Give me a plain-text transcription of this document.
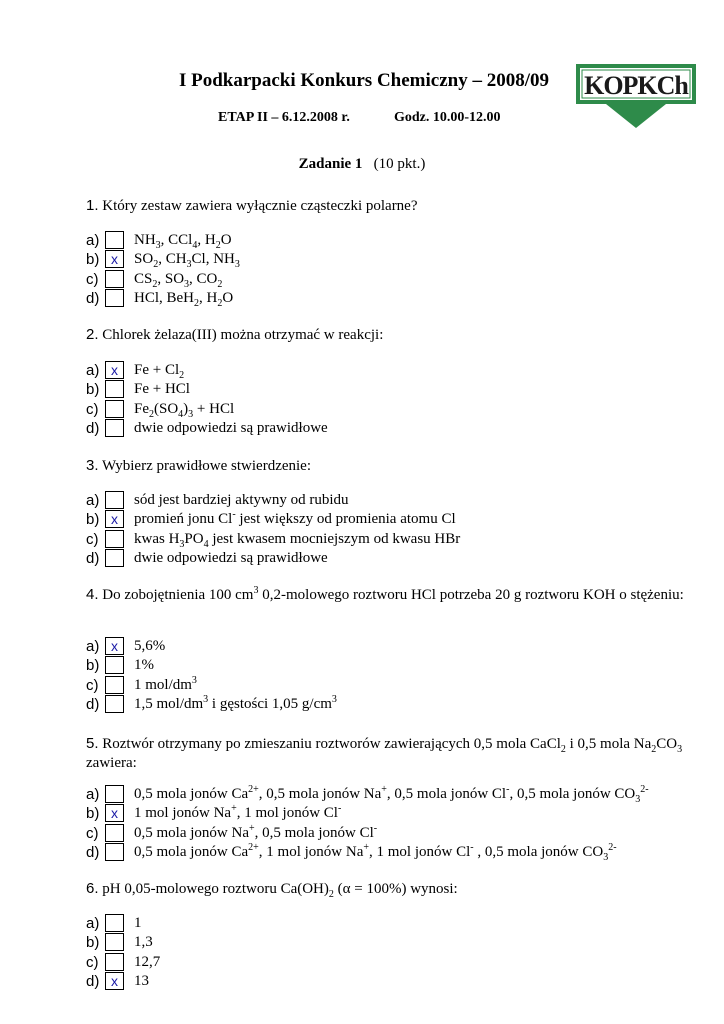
I Podkarpacki Konkurs Chemiczny – 2008/09
ETAP II – 6.12.2008 r.	Godz. 10.00-12.00
KOPKCh
Zadanie 1 (10 pkt.)
1. Który zestaw zawiera wyłącznie cząsteczki polarne?
a)	$NH_3$, CCl$_4$, $H_2O$
b) x	$SO_2$, $CH_3Cl$, $NH_3$
c)	$CS_2$, $SO_3$, $CO_2$
d)	HCl, BeH$_2$, $H_2O$
2. Chlorek żelaza(III) można otrzymać w reakcji:
a) x	$Fe + Cl_2$
b)	Fe + HCl
c)	$Fe_2(SO_4)_3$ + HCl
d)	dwie odpowiedzi są prawidłowe
3. Wybierz prawidłowe stwierdzenie:
a)	sód jest bardziej aktywny od rubidu
b) x	promień jonu Cl- jest większy od promienia atomu Cl
c)	kwas $H_3PO_4$ jest kwasem mocniejszym od kwasu HBr
d)	dwie odpowiedzi są prawidłowe
4. Do zobojętnienia 100 $cm^3$ 0,2-molowego roztworu HCl potrzeba 20 g roztworu KOH o stężeniu:
a) x	5,6%
b)	1%
c)	1 mol/$dm^3$
d)	1,5 mol/$dm^3$ i gęstości 1,05 $g/cm^3$
5. Roztwór otrzymany po zmieszaniu roztworów zawierających 0,5 mola CaCl$_2$ i 0,5 mola $Na_2CO_3$ zawiera:
a)	0,5 mola jonów $Ca^{2+}$, 0,5 mola jonów Na+, 0,5 mola jonów Cl-, 0,5 mola jonów $CO_3^{2-}$
b) x	1 mol jonów Na+, 1 mol jonów Cl-
c)	0,5 mola jonów Na+, 0,5 mola jonów Cl-
d)	0,5 mola jonów $Ca^{2+}$, 1 mol jonów Na+, 1 mol jonów Cl- , 0,5 mola jonów $CO_3^{2-}$
6. pH 0,05-molowego roztworu $Ca(OH)_2$ (α = 100%) wynosi:
a)	1
b)	1,3
c)	12,7
d) x	13
